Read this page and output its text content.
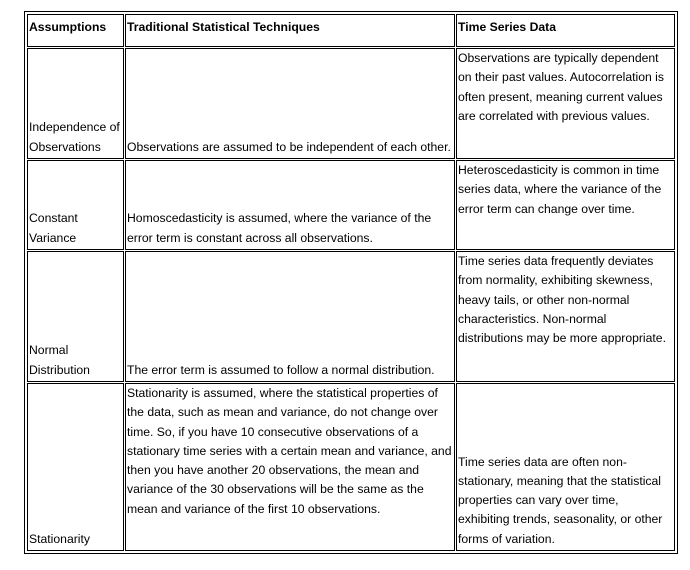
Assumptions	Traditional Statistical Techniques	Time Series Data
Independence of Observations	Observations are assumed to be independent of each other.	Observations are typically dependent on their past values. Autocorrelation is often present, meaning current values are correlated with previous values.
Constant Variance	Homoscedasticity is assumed, where the variance of the error term is constant across all observations.	Heteroscedasticity is common in time series data, where the variance of the error term can change over time.
Normal Distribution	The error term is assumed to follow a normal distribution.	Time series data frequently deviates from normality, exhibiting skewness, heavy tails, or other non-normal characteristics. Non-normal distributions may be more appropriate.
Stationarity	Stationarity is assumed, where the statistical properties of the data, such as mean and variance, do not change over time. So, if you have 10 consecutive observations of a stationary time series with a certain mean and variance, and then you have another 20 observations, the mean and variance of the 30 observations will be the same as the mean and variance of the first 10 observations.	Time series data are often non-stationary, meaning that the statistical properties can vary over time, exhibiting trends, seasonality, or other forms of variation.
